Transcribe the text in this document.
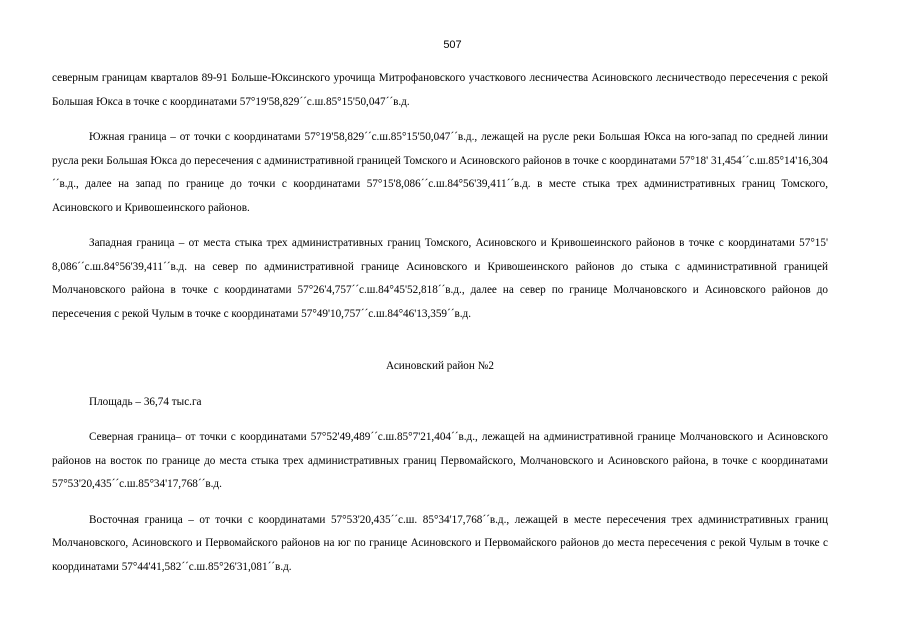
507

северным границам кварталов 89-91 Больше-Юксинского урочища Митрофановского участкового лесничества Асиновского лесничестводо пересечения с рекой Большая Юкса в точке с координатами 57°19'58,829´´с.ш.85°15'50,047´´в.д.

Южная граница – от точки с координатами 57°19'58,829´´с.ш.85°15'50,047´´в.д., лежащей на русле реки Большая Юкса на юго-запад по средней линии русла реки Большая Юкса до пересечения с административной границей Томского и Асиновского районов в точке с координатами 57°18' 31,454´´с.ш.85°14'16,304´´в.д., далее на запад по границе до точки с координатами 57°15'8,086´´с.ш.84°56'39,411´´в.д. в месте стыка трех административных границ Томского, Асиновского и Кривошеинского районов.

Западная граница – от места стыка трех административных границ Томского, Асиновского и Кривошеинского районов в точке с координатами 57°15' 8,086´´с.ш.84°56'39,411´´в.д. на север по административной границе Асиновского и Кривошеинского районов до стыка с административной границей Молчановского района в точке с координатами 57°26'4,757´´с.ш.84°45'52,818´´в.д., далее на север по границе Молчановского и Асиновского районов до пересечения с рекой Чулым в точке с координатами 57°49'10,757´´с.ш.84°46'13,359´´в.д.

Асиновский район №2

Площадь – 36,74 тыс.га

Северная граница– от точки с координатами 57°52'49,489´´с.ш.85°7'21,404´´в.д., лежащей на административной границе Молчановского и Асиновского районов на восток по границе до места стыка трех административных границ Первомайского, Молчановского и Асиновского района, в точке с координатами 57°53'20,435´´с.ш.85°34'17,768´´в.д.

Восточная граница – от точки с координатами 57°53'20,435´´с.ш. 85°34'17,768´´в.д., лежащей в месте пересечения трех административных границ Молчановского, Асиновского и Первомайского районов на юг по границе Асиновского и Первомайского районов до места пересечения с рекой Чулым в точке с координатами 57°44'41,582´´с.ш.85°26'31,081´´в.д.
